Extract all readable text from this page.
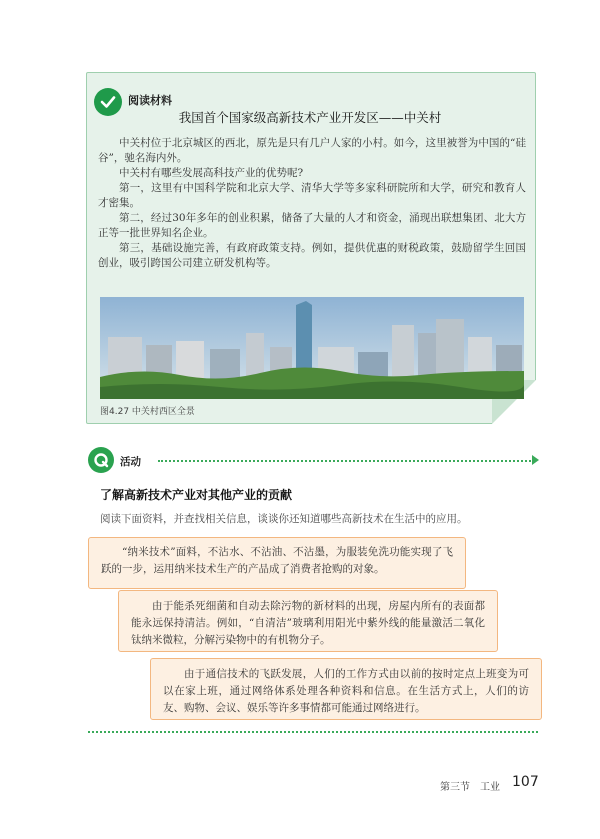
阅读材料
我国首个国家级高新技术产业开发区——中关村

中关村位于北京城区的西北，原先是只有几户人家的小村。如今，这里被誉为中国的“硅谷”，驰名海内外。

中关村有哪些发展高科技产业的优势呢?

第一，这里有中国科学院和北京大学、清华大学等多家科研院所和大学，研究和教育人才密集。

第二，经过30年多年的创业积累，储备了大量的人才和资金，涌现出联想集团、北大方正等一批世界知名企业。

第三，基础设施完善，有政府政策支持。例如，提供优惠的财税政策，鼓励留学生回国创业，吸引跨国公司建立研发机构等。

图4.27 中关村西区全景
活动
了解高新技术产业对其他产业的贡献
阅读下面资料，并查找相关信息，谈谈你还知道哪些高新技术在生活中的应用。

“纳米技术”面料，不沾水、不沾油、不沾墨，为服装免洗功能实现了飞跃的一步，运用纳米技术生产的产品成了消费者抢购的对象。

由于能杀死细菌和自动去除污物的新材料的出现，房屋内所有的表面都能永远保持清洁。例如，“自清洁”玻璃利用阳光中紫外线的能量激活二氧化钛纳米微粒，分解污染物中的有机物分子。

由于通信技术的飞跃发展，人们的工作方式由以前的按时定点上班变为可以在家上班，通过网络体系处理各种资料和信息。在生活方式上，人们的访友、购物、会议、娱乐等许多事情都可能通过网络进行。

第三节　工业 107
